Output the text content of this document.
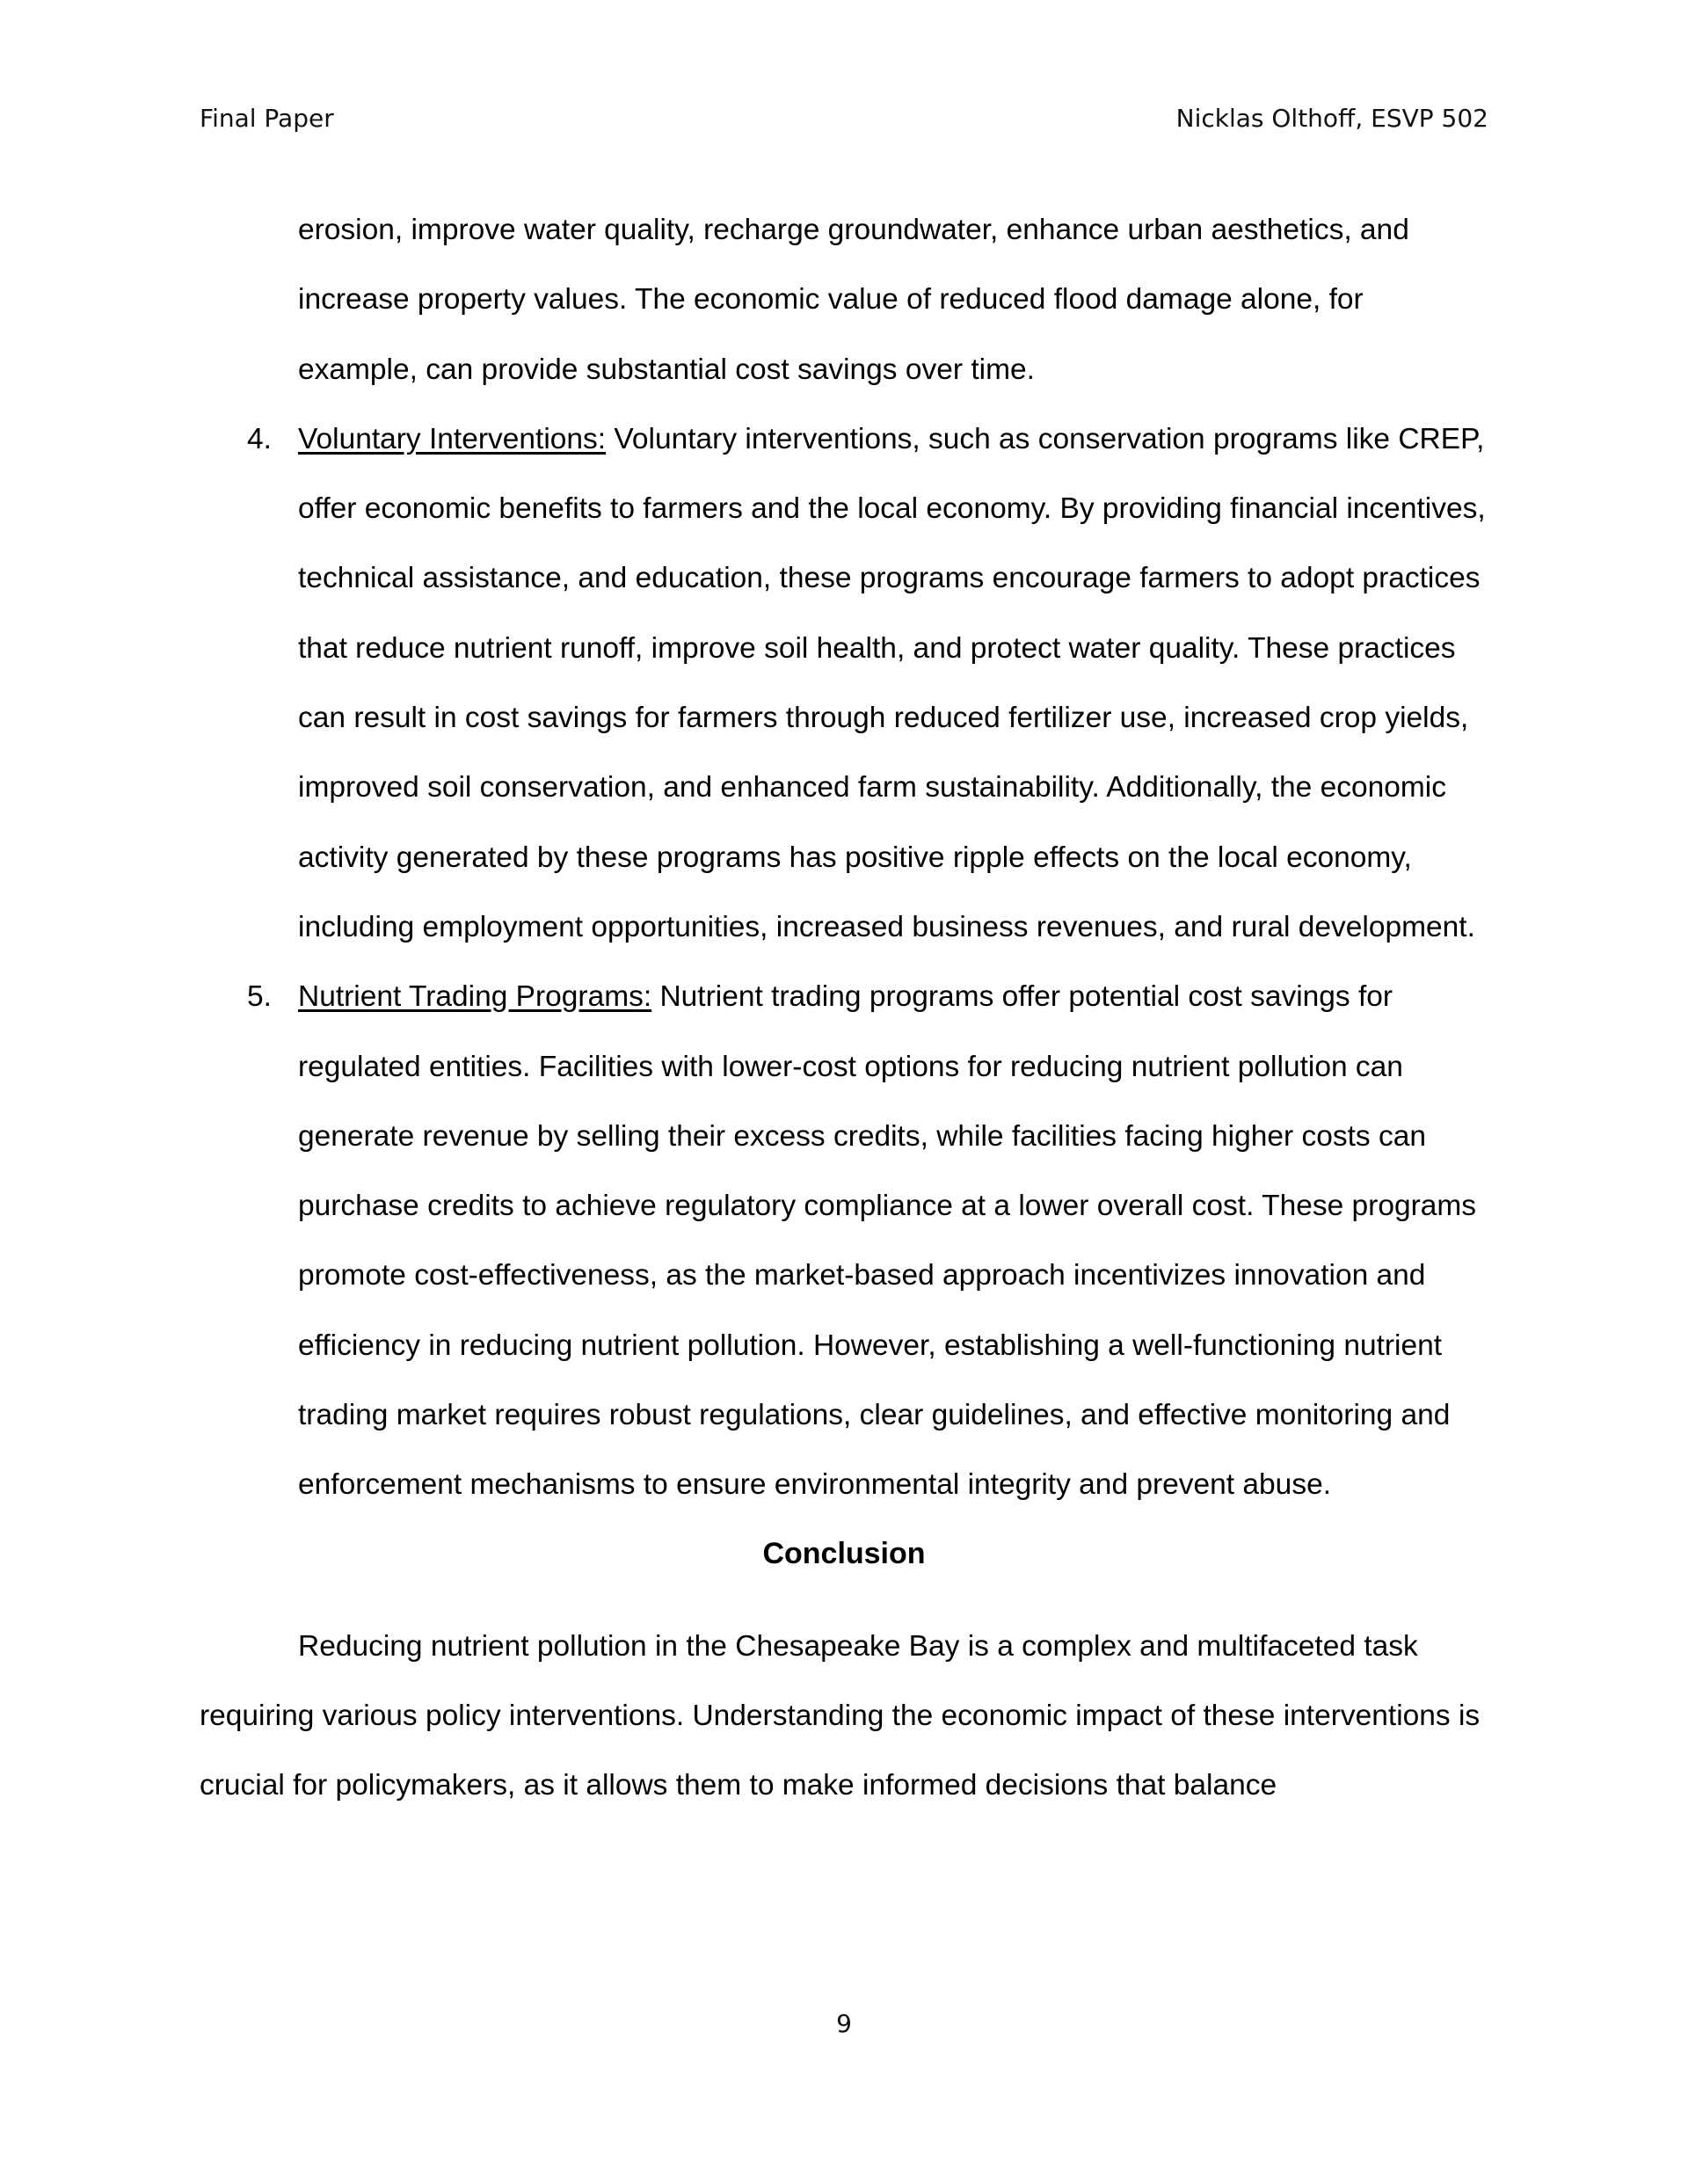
Final Paper	Nicklas Olthoff, ESVP 502

erosion, improve water quality, recharge groundwater, enhance urban aesthetics, and increase property values. The economic value of reduced flood damage alone, for example, can provide substantial cost savings over time.

4. Voluntary Interventions: Voluntary interventions, such as conservation programs like CREP, offer economic benefits to farmers and the local economy. By providing financial incentives, technical assistance, and education, these programs encourage farmers to adopt practices that reduce nutrient runoff, improve soil health, and protect water quality. These practices can result in cost savings for farmers through reduced fertilizer use, increased crop yields, improved soil conservation, and enhanced farm sustainability. Additionally, the economic activity generated by these programs has positive ripple effects on the local economy, including employment opportunities, increased business revenues, and rural development.
5. Nutrient Trading Programs: Nutrient trading programs offer potential cost savings for regulated entities. Facilities with lower-cost options for reducing nutrient pollution can generate revenue by selling their excess credits, while facilities facing higher costs can purchase credits to achieve regulatory compliance at a lower overall cost. These programs promote cost-effectiveness, as the market-based approach incentivizes innovation and efficiency in reducing nutrient pollution. However, establishing a well-functioning nutrient trading market requires robust regulations, clear guidelines, and effective monitoring and enforcement mechanisms to ensure environmental integrity and prevent abuse.
Conclusion

Reducing nutrient pollution in the Chesapeake Bay is a complex and multifaceted task requiring various policy interventions. Understanding the economic impact of these interventions is crucial for policymakers, as it allows them to make informed decisions that balance

9
